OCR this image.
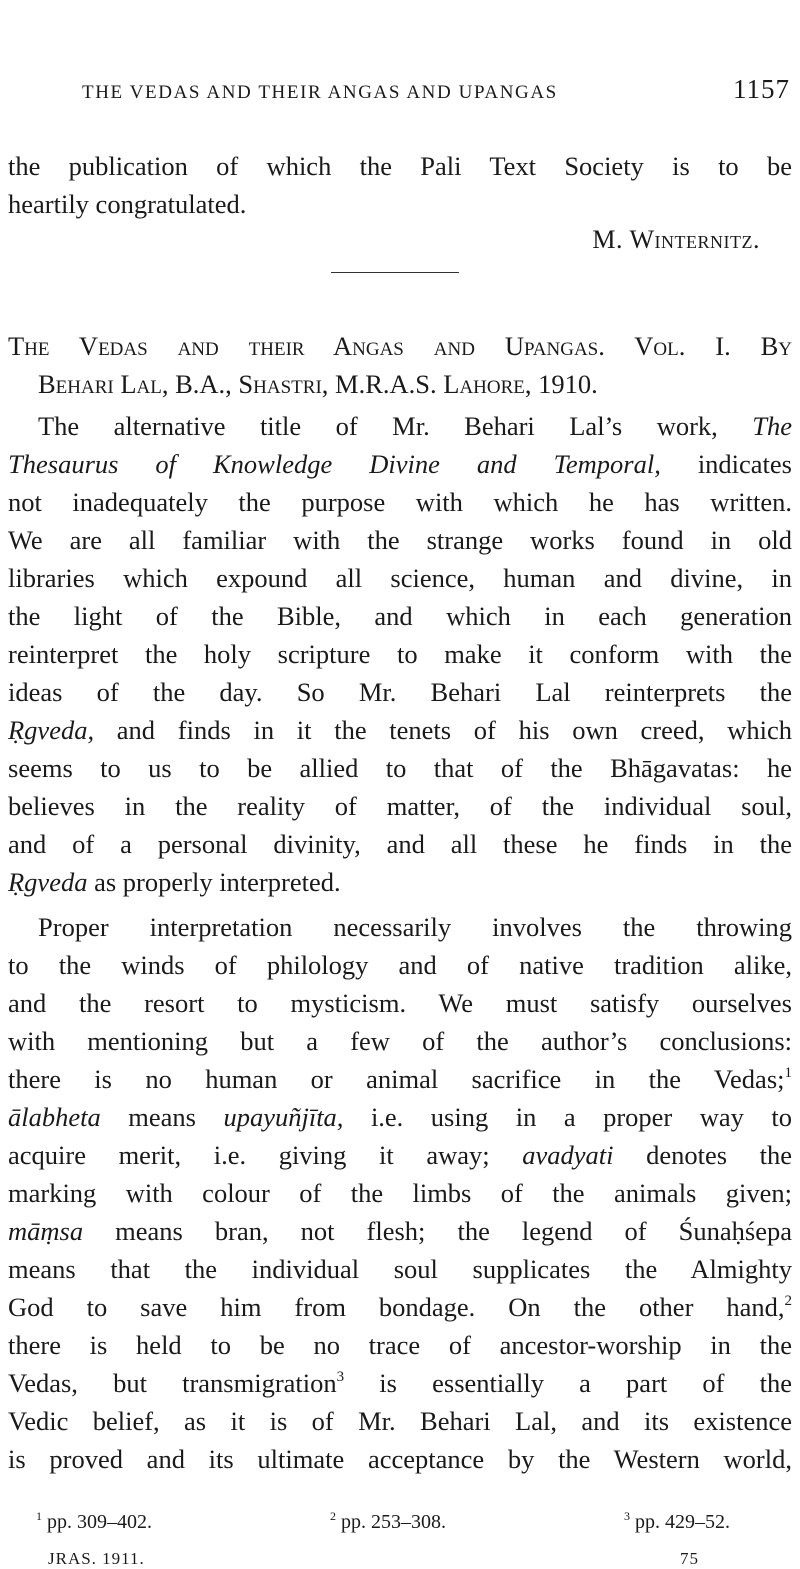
THE VEDAS AND THEIR ANGAS AND UPANGAS	1157
the publication of which the Pali Text Society is to be
heartily congratulated.
M. Winternitz.
The Vedas and their Angas and Upangas. Vol. I. By
Behari Lal, B.A., Shastri, M.R.A.S. Lahore, 1910.
The alternative title of Mr. Behari Lal’s work, The
Thesaurus of Knowledge Divine and Temporal, indicates
not inadequately the purpose with which he has written.
We are all familiar with the strange works found in old
libraries which expound all science, human and divine, in
the light of the Bible, and which in each generation
reinterpret the holy scripture to make it conform with the
ideas of the day. So Mr. Behari Lal reinterprets the
Ṛgveda, and finds in it the tenets of his own creed, which
seems to us to be allied to that of the Bhāgavatas: he
believes in the reality of matter, of the individual soul,
and of a personal divinity, and all these he finds in the
Ṛgveda as properly interpreted.
Proper interpretation necessarily involves the throwing
to the winds of philology and of native tradition alike,
and the resort to mysticism. We must satisfy ourselves
with mentioning but a few of the author’s conclusions:
there is no human or animal sacrifice in the Vedas;$^1$
ālabheta means upayuñjīta, i.e. using in a proper way to
acquire merit, i.e. giving it away; avadyati denotes the
marking with colour of the limbs of the animals given;
māṃsa means bran, not flesh; the legend of Śunaḥśepa
means that the individual soul supplicates the Almighty
God to save him from bondage. On the other hand,$^2$
there is held to be no trace of ancestor-worship in the
Vedas, but transmigration$^3$ is essentially a part of the
Vedic belief, as it is of Mr. Behari Lal, and its existence
is proved and its ultimate acceptance by the Western world,
$^1$ pp. 309–402.	$^2$ pp. 253–308.	$^3$ pp. 429–52.
JRAS. 1911.	75
